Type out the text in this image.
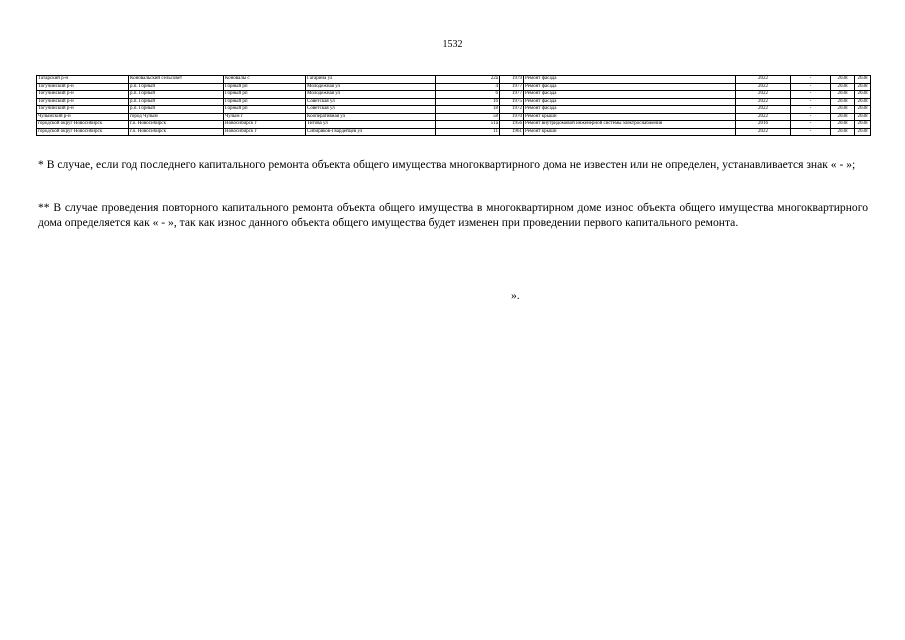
1532
Татарский р-н	Коновальский сельсовет	Коновалы с	Гагарина ул	22а	1979	Ремонт фасада	2022	-	2038	2038
Тогучинский р-н	р.п. Горный	Горный рп	Молодежная ул	4	1977	Ремонт фасада	2022	-	2038	2038
Тогучинский р-н	р.п. Горный	Горный рп	Молодежная ул	6	1977	Ремонт фасада	2022	-	2038	2038
Тогучинский р-н	р.п. Горный	Горный рп	Советская ул	16	1975	Ремонт фасада	2022	-	2038	2038
Тогучинский р-н	р.п. Горный	Горный рп	Советская ул	18	1972	Ремонт фасада	2022	-	2038	2038
Чулымский р-н	город Чулым	Чулым г	Кооперативная ул	58	1970	Ремонт крыши	2022	-	2038	2038
городской округ Новосибирск	г.о. Новосибирск	Новосибирск г	Титова ул	51а	1956	Ремонт внутридомовой инженерной системы электроснабжения	2016	-	2038	2038
городской округ Новосибирск	г.о. Новосибирск	Новосибирск г	Сибиряков-Гвардейцев ул	11	1961	Ремонт крыши	2022	-	2038	2038
* В случае, если год последнего капитального ремонта объекта общего имущества многоквартирного дома не известен или не определен, устанавливается знак « - »;
** В случае проведения повторного капитального ремонта объекта общего имущества в многоквартирном доме износ объекта общего имущества многоквартирного дома определяется как « - », так как износ данного объекта общего имущества будет изменен при проведении первого капитального ремонта.
».
